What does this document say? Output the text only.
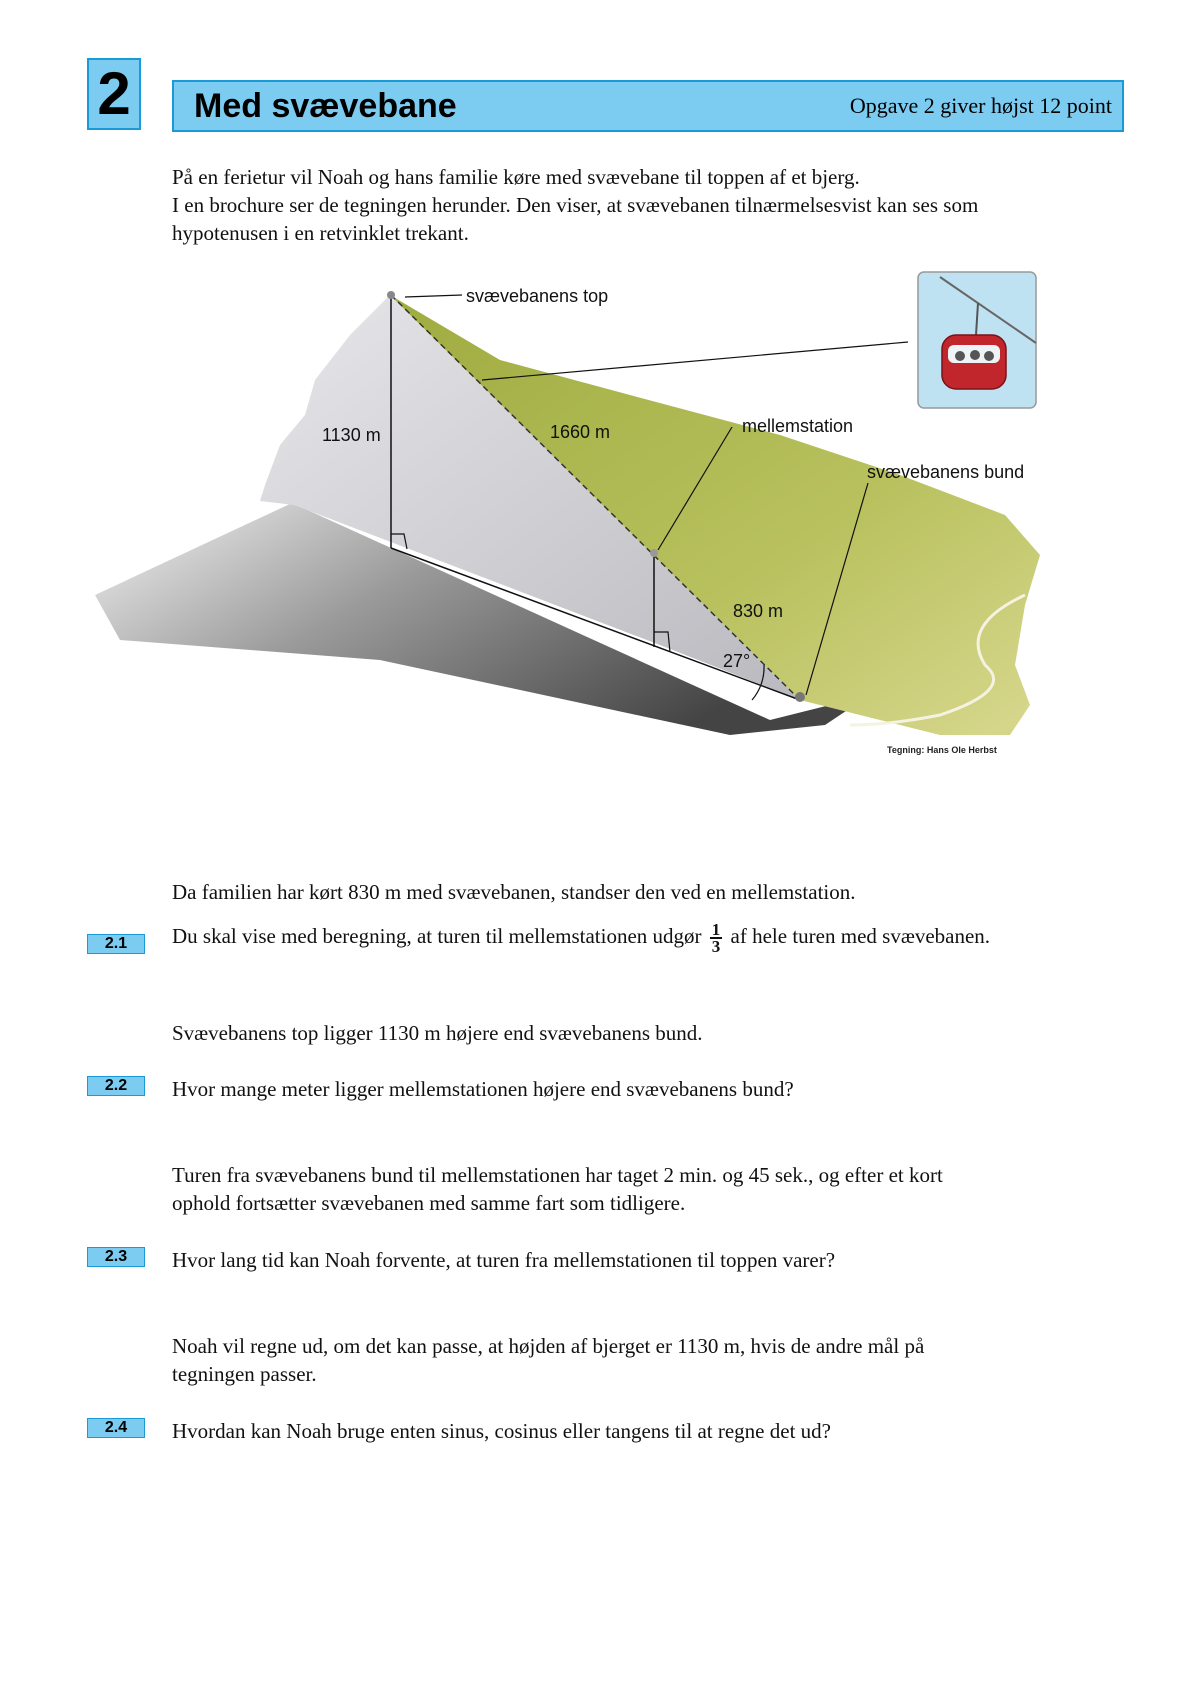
2	Med svævebane	Opgave 2 giver højst 12 point

På en ferietur vil Noah og hans familie køre med svævebane til toppen af et bjerg.
I en brochure ser de tegningen herunder. Den viser, at svævebanen tilnærmelsesvist kan ses som
hypotenusen i en retvinklet trekant.

svævebanens top
mellemstation
svævebanens bund
1130 m	1660 m
830 m
27°
Tegning: Hans Ole Herbst

Da familien har kørt 830 m med svævebanen, standser den ved en mellemstation.

2.1	Du skal vise med beregning, at turen til mellemstationen udgør $\frac{1}{3}$ af hele turen med svævebanen.

Svævebanens top ligger 1130 m højere end svævebanens bund.

2.2	Hvor mange meter ligger mellemstationen højere end svævebanens bund?

Turen fra svævebanens bund til mellemstationen har taget 2 min. og 45 sek., og efter et kort
ophold fortsætter svævebanen med samme fart som tidligere.

2.3	Hvor lang tid kan Noah forvente, at turen fra mellemstationen til toppen varer?

Noah vil regne ud, om det kan passe, at højden af bjerget er 1130 m, hvis de andre mål på
tegningen passer.

2.4	Hvordan kan Noah bruge enten sinus, cosinus eller tangens til at regne det ud?
